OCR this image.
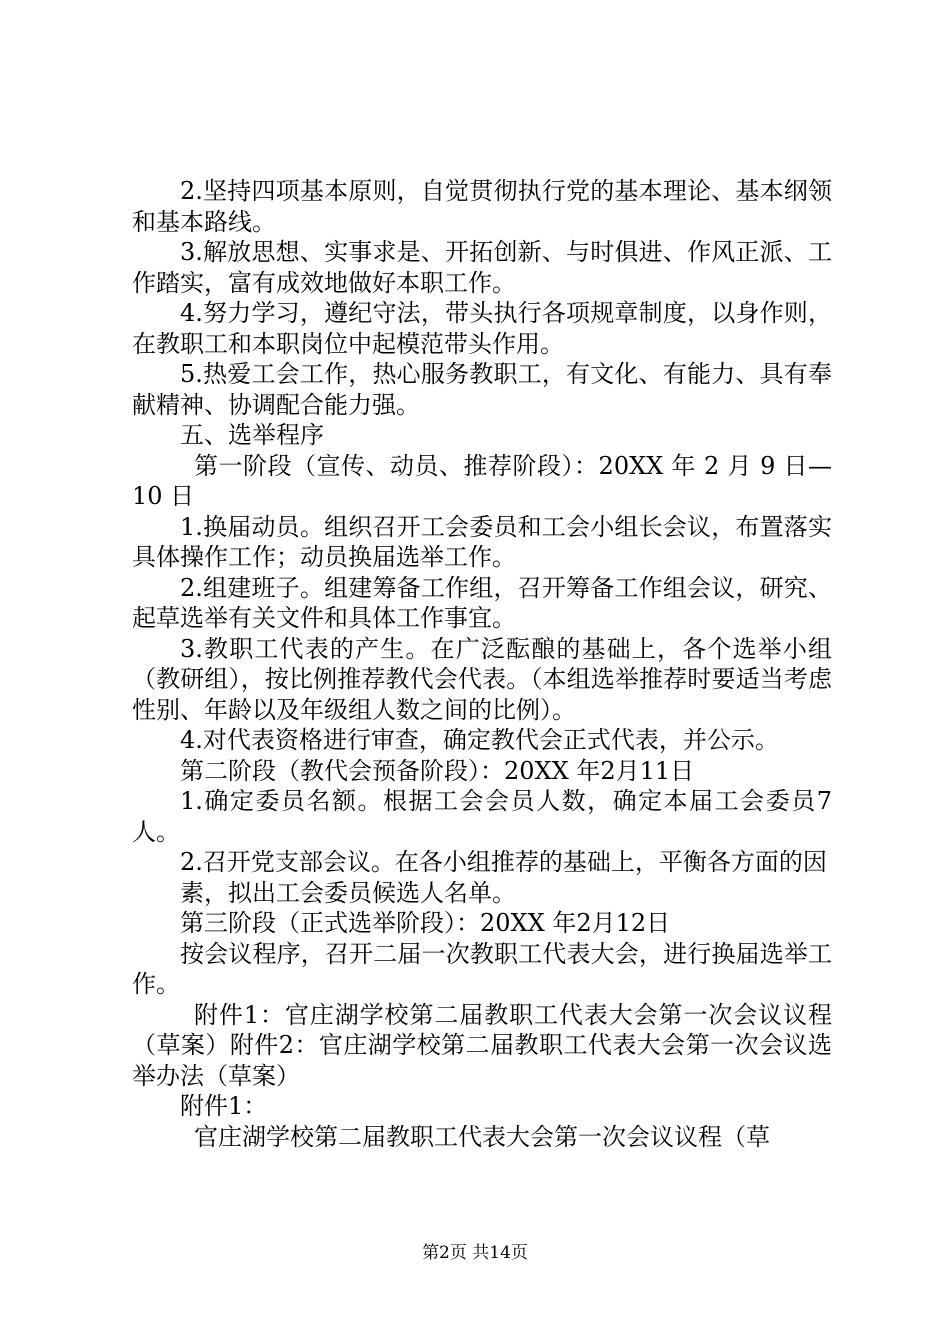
2.坚持四项基本原则，自觉贯彻执行党的基本理论、基本纲领和基本路线。

3.解放思想、实事求是、开拓创新、与时俱进、作风正派、工作踏实，富有成效地做好本职工作。

4.努力学习，遵纪守法，带头执行各项规章制度，以身作则，在教职工和本职岗位中起模范带头作用。

5.热爱工会工作，热心服务教职工，有文化、有能力、具有奉献精神、协调配合能力强。

五、选举程序

第一阶段（宣传、动员、推荐阶段）：20XX 年 2 月 9 日—10 日

1.换届动员。组织召开工会委员和工会小组长会议，布置落实具体操作工作；动员换届选举工作。

2.组建班子。组建筹备工作组，召开筹备工作组会议，研究、起草选举有关文件和具体工作事宜。

3.教职工代表的产生。在广泛酝酿的基础上，各个选举小组（教研组），按比例推荐教代会代表。（本组选举推荐时要适当考虑性别、年龄以及年级组人数之间的比例）。

4.对代表资格进行审查，确定教代会正式代表，并公示。

第二阶段（教代会预备阶段）：20XX 年2月11日

1.确定委员名额。根据工会会员人数，确定本届工会委员7人。

2.召开党支部会议。在各小组推荐的基础上，平衡各方面的因

素，拟出工会委员候选人名单。

第三阶段（正式选举阶段）：20XX 年2月12日

按会议程序，召开二届一次教职工代表大会，进行换届选举工作。

附件1：官庄湖学校第二届教职工代表大会第一次会议议程（草案）附件2：官庄湖学校第二届教职工代表大会第一次会议选举办法（草案）

附件1：

官庄湖学校第二届教职工代表大会第一次会议议程（草

第2页 共14页
